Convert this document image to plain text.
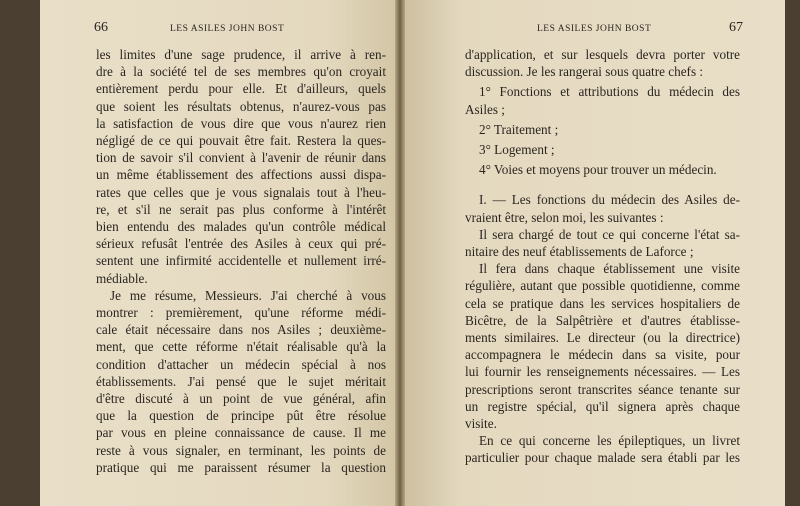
66	LES ASILES JOHN BOST
les limites d'une sage prudence, il arrive à ren-
dre à la société tel de ses membres qu'on croyait
entièrement perdu pour elle. Et d'ailleurs, quels
que soient les résultats obtenus, n'aurez-vous pas
la satisfaction de vous dire que vous n'aurez rien
négligé de ce qui pouvait être fait. Restera la ques-
tion de savoir s'il convient à l'avenir de réunir dans
un même établissement des affections aussi dispa-
rates que celles que je vous signalais tout à l'heu-
re, et s'il ne serait pas plus conforme à l'intérêt
bien entendu des malades qu'un contrôle médical
sérieux refusât l'entrée des Asiles à ceux qui pré-
sentent une infirmité accidentelle et nullement irré-
médiable.
Je me résume, Messieurs. J'ai cherché à vous
montrer : premièrement, qu'une réforme médi-
cale était nécessaire dans nos Asiles ; deuxième-
ment, que cette réforme n'était réalisable qu'à la
condition d'attacher un médecin spécial à nos
établissements. J'ai pensé que le sujet méritait
d'être discuté à un point de vue général, afin
que la question de principe pût être résolue
par vous en pleine connaissance de cause. Il me
reste à vous signaler, en terminant, les points de
pratique qui me paraissent résumer la question
LES ASILES JOHN BOST	67
d'application, et sur lesquels devra porter votre
discussion. Je les rangerai sous quatre chefs :
1° Fonctions et attributions du médecin des
Asiles ;
2° Traitement ;
3° Logement ;
4° Voies et moyens pour trouver un médecin.
I. — Les fonctions du médecin des Asiles de-
vraient être, selon moi, les suivantes :
Il sera chargé de tout ce qui concerne l'état sa-
nitaire des neuf établissements de Laforce ;
Il fera dans chaque établissement une visite
régulière, autant que possible quotidienne, comme
cela se pratique dans les services hospitaliers de
Bicêtre, de la Salpêtrière et d'autres établisse-
ments similaires. Le directeur (ou la directrice)
accompagnera le médecin dans sa visite, pour
lui fournir les renseignements nécessaires. — Les
prescriptions seront transcrites séance tenante sur
un registre spécial, qu'il signera après chaque
visite.
En ce qui concerne les épileptiques, un livret
particulier pour chaque malade sera établi par les
